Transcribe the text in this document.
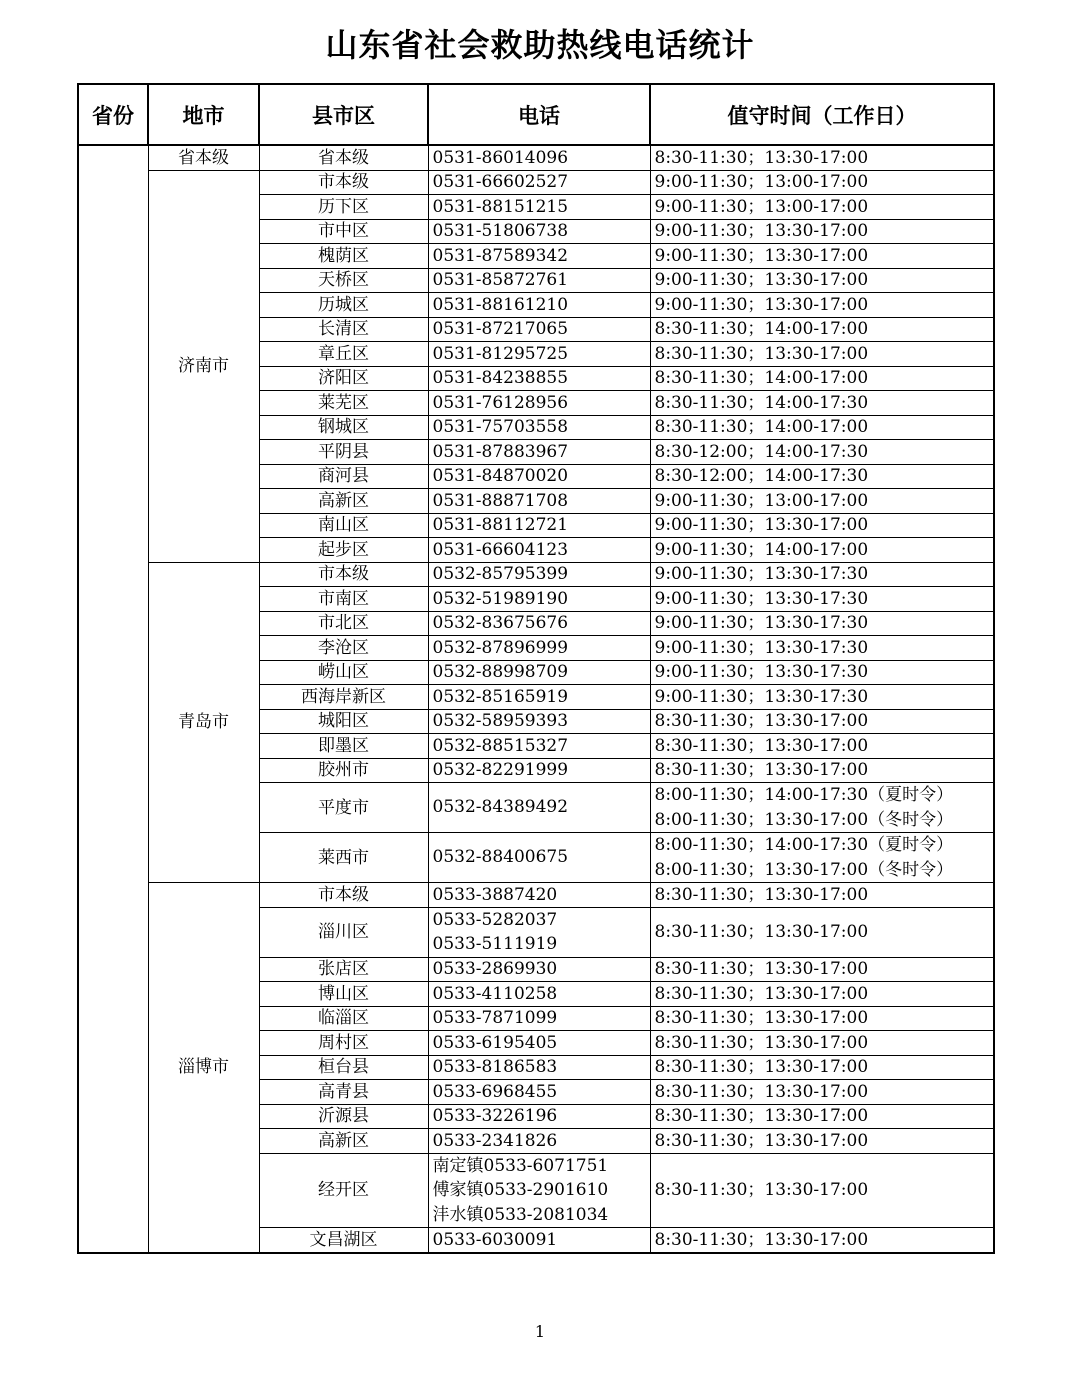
山东省社会救助热线电话统计
省份	地市	县市区	电话	值守时间（工作日）
	省本级	省本级	0531-86014096	8:30-11:30；13:30-17:00

	济南市	市本级	0531-66602527	9:00-11:30；13:00-17:00

		历下区	0531-88151215	9:00-11:30；13:00-17:00

		市中区	0531-51806738	9:00-11:30；13:30-17:00

		槐荫区	0531-87589342	9:00-11:30；13:30-17:00

		天桥区	0531-85872761	9:00-11:30；13:30-17:00

		历城区	0531-88161210	9:00-11:30；13:30-17:00

		长清区	0531-87217065	8:30-11:30；14:00-17:00

		章丘区	0531-81295725	8:30-11:30；13:30-17:00

		济阳区	0531-84238855	8:30-11:30；14:00-17:00

		莱芜区	0531-76128956	8:30-11:30；14:00-17:30

		钢城区	0531-75703558	8:30-11:30；14:00-17:00

		平阴县	0531-87883967	8:30-12:00；14:00-17:30

		商河县	0531-84870020	8:30-12:00；14:00-17:30

		高新区	0531-88871708	9:00-11:30；13:00-17:00

		南山区	0531-88112721	9:00-11:30；13:30-17:00

		起步区	0531-66604123	9:00-11:30；14:00-17:00

	青岛市	市本级	0532-85795399	9:00-11:30；13:30-17:30

		市南区	0532-51989190	9:00-11:30；13:30-17:30

		市北区	0532-83675676	9:00-11:30；13:30-17:30

		李沧区	0532-87896999	9:00-11:30；13:30-17:30

		崂山区	0532-88998709	9:00-11:30；13:30-17:30

		西海岸新区	0532-85165919	9:00-11:30；13:30-17:30

		城阳区	0532-58959393	8:30-11:30；13:30-17:00

		即墨区	0532-88515327	8:30-11:30；13:30-17:00

		胶州市	0532-82291999	8:30-11:30；13:30-17:00

		平度市	0532-84389492	8:00-11:30；14:00-17:30（夏时令）
8:00-11:30；13:30-17:00（冬时令）

		莱西市	0532-88400675	8:00-11:30；14:00-17:30（夏时令）
8:00-11:30；13:30-17:00（冬时令）

	淄博市	市本级	0533-3887420	8:30-11:30；13:30-17:00

		淄川区	0533-5282037
0533-5111919	8:30-11:30；13:30-17:00

		张店区	0533-2869930	8:30-11:30；13:30-17:00

		博山区	0533-4110258	8:30-11:30；13:30-17:00

		临淄区	0533-7871099	8:30-11:30；13:30-17:00

		周村区	0533-6195405	8:30-11:30；13:30-17:00

		桓台县	0533-8186583	8:30-11:30；13:30-17:00

		高青县	0533-6968455	8:30-11:30；13:30-17:00

		沂源县	0533-3226196	8:30-11:30；13:30-17:00

		高新区	0533-2341826	8:30-11:30；13:30-17:00

		经开区	南定镇0533-6071751
傅家镇0533-2901610
沣水镇0533-2081034	8:30-11:30；13:30-17:00

		文昌湖区	0533-6030091	8:30-11:30；13:30-17:00
1
